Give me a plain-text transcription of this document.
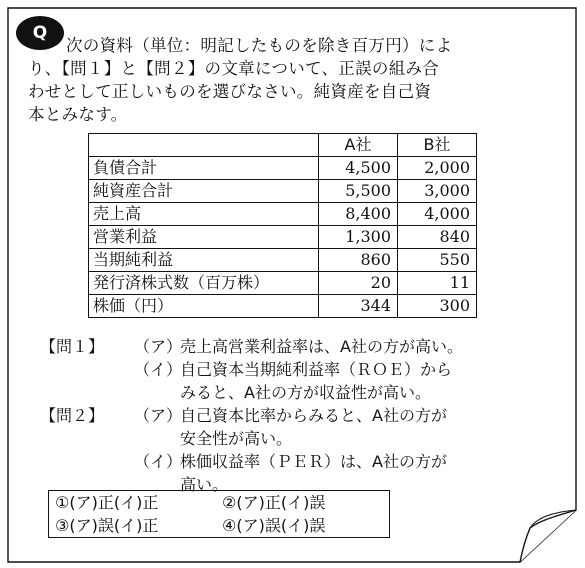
Q
次の資料（単位：明記したものを除き百万円）によ
り、【問１】と【問２】の文章について、正誤の組み合
わせとして正しいものを選びなさい。純資産を自己資
本とみなす。
	A社	B社
負債合計	4,500	2,000
純資産合計	5,500	3,000
売上高	8,400	4,000
営業利益	1,300	840
当期純利益	860	550
発行済株式数（百万株）	20	11
株価（円）	344	300
【問１】	（ア）
売上高営業利益率は、A社の方が高い。
（イ）
自己資本当期純利益率（ＲＯＥ）から
みると、A社の方が収益性が高い。
【問２】	（ア）
自己資本比率からみると、A社の方が
安全性が高い。
（イ）
株価収益率（ＰＥＲ）は、A社の方が
高い。
①(ア)正(イ)正	②(ア)正(イ)誤
③(ア)誤(イ)正	④(ア)誤(イ)誤
